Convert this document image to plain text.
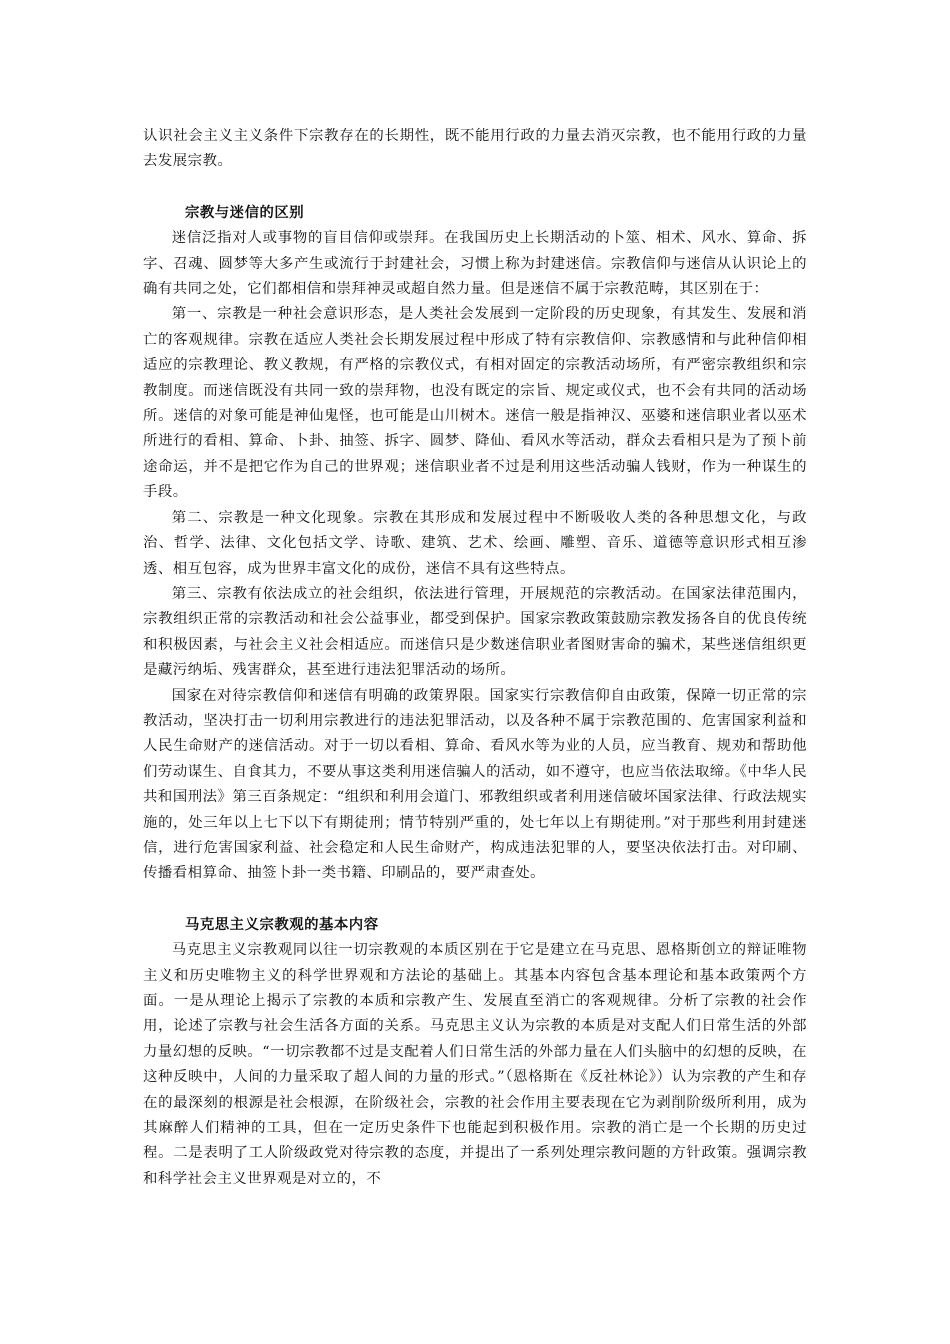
认识社会主义主义条件下宗教存在的长期性，既不能用行政的力量去消灭宗教，也不能用行政的力量去发展宗教。

宗教与迷信的区别

迷信泛指对人或事物的盲目信仰或崇拜。在我国历史上长期活动的卜筮、相术、风水、算命、拆字、召魂、圆梦等大多产生或流行于封建社会，习惯上称为封建迷信。宗教信仰与迷信从认识论上的确有共同之处，它们都相信和崇拜神灵或超自然力量。但是迷信不属于宗教范畴，其区别在于：

第一、宗教是一种社会意识形态，是人类社会发展到一定阶段的历史现象，有其发生、发展和消亡的客观规律。宗教在适应人类社会长期发展过程中形成了特有宗教信仰、宗教感情和与此种信仰相适应的宗教理论、教义教规，有严格的宗教仪式，有相对固定的宗教活动场所，有严密宗教组织和宗教制度。而迷信既没有共同一致的崇拜物，也没有既定的宗旨、规定或仪式，也不会有共同的活动场所。迷信的对象可能是神仙鬼怪，也可能是山川树木。迷信一般是指神汉、巫婆和迷信职业者以巫术所进行的看相、算命、卜卦、抽签、拆字、圆梦、降仙、看风水等活动，群众去看相只是为了预卜前途命运，并不是把它作为自己的世界观；迷信职业者不过是利用这些活动骗人钱财，作为一种谋生的手段。

第二、宗教是一种文化现象。宗教在其形成和发展过程中不断吸收人类的各种思想文化，与政治、哲学、法律、文化包括文学、诗歌、建筑、艺术、绘画、雕塑、音乐、道德等意识形式相互渗透、相互包容，成为世界丰富文化的成份，迷信不具有这些特点。

第三、宗教有依法成立的社会组织，依法进行管理，开展规范的宗教活动。在国家法律范围内，宗教组织正常的宗教活动和社会公益事业，都受到保护。国家宗教政策鼓励宗教发扬各自的优良传统和积极因素，与社会主义社会相适应。而迷信只是少数迷信职业者图财害命的骗术，某些迷信组织更是藏污纳垢、残害群众，甚至进行违法犯罪活动的场所。

国家在对待宗教信仰和迷信有明确的政策界限。国家实行宗教信仰自由政策，保障一切正常的宗教活动，坚决打击一切利用宗教进行的违法犯罪活动，以及各种不属于宗教范围的、危害国家利益和人民生命财产的迷信活动。对于一切以看相、算命、看风水等为业的人员，应当教育、规劝和帮助他们劳动谋生、自食其力，不要从事这类利用迷信骗人的活动，如不遵守，也应当依法取缔。《中华人民共和国刑法》第三百条规定：“组织和利用会道门、邪教组织或者利用迷信破坏国家法律、行政法规实施的，处三年以上七下以下有期徒刑；情节特别严重的，处七年以上有期徒刑。”对于那些利用封建迷信，进行危害国家利益、社会稳定和人民生命财产，构成违法犯罪的人，要坚决依法打击。对印刷、传播看相算命、抽签卜卦一类书籍、印刷品的，要严肃查处。

马克思主义宗教观的基本内容

马克思主义宗教观同以往一切宗教观的本质区别在于它是建立在马克思、恩格斯创立的辩证唯物主义和历史唯物主义的科学世界观和方法论的基础上。其基本内容包含基本理论和基本政策两个方面。一是从理论上揭示了宗教的本质和宗教产生、发展直至消亡的客观规律。分析了宗教的社会作用，论述了宗教与社会生活各方面的关系。马克思主义认为宗教的本质是对支配人们日常生活的外部力量幻想的反映。“一切宗教都不过是支配着人们日常生活的外部力量在人们头脑中的幻想的反映，在这种反映中，人间的力量采取了超人间的力量的形式。”（恩格斯在《反社林论》）认为宗教的产生和存在的最深刻的根源是社会根源，在阶级社会，宗教的社会作用主要表现在它为剥削阶级所利用，成为其麻醉人们精神的工具，但在一定历史条件下也能起到积极作用。宗教的消亡是一个长期的历史过程。二是表明了工人阶级政党对待宗教的态度，并提出了一系列处理宗教问题的方针政策。强调宗教和科学社会主义世界观是对立的，不
